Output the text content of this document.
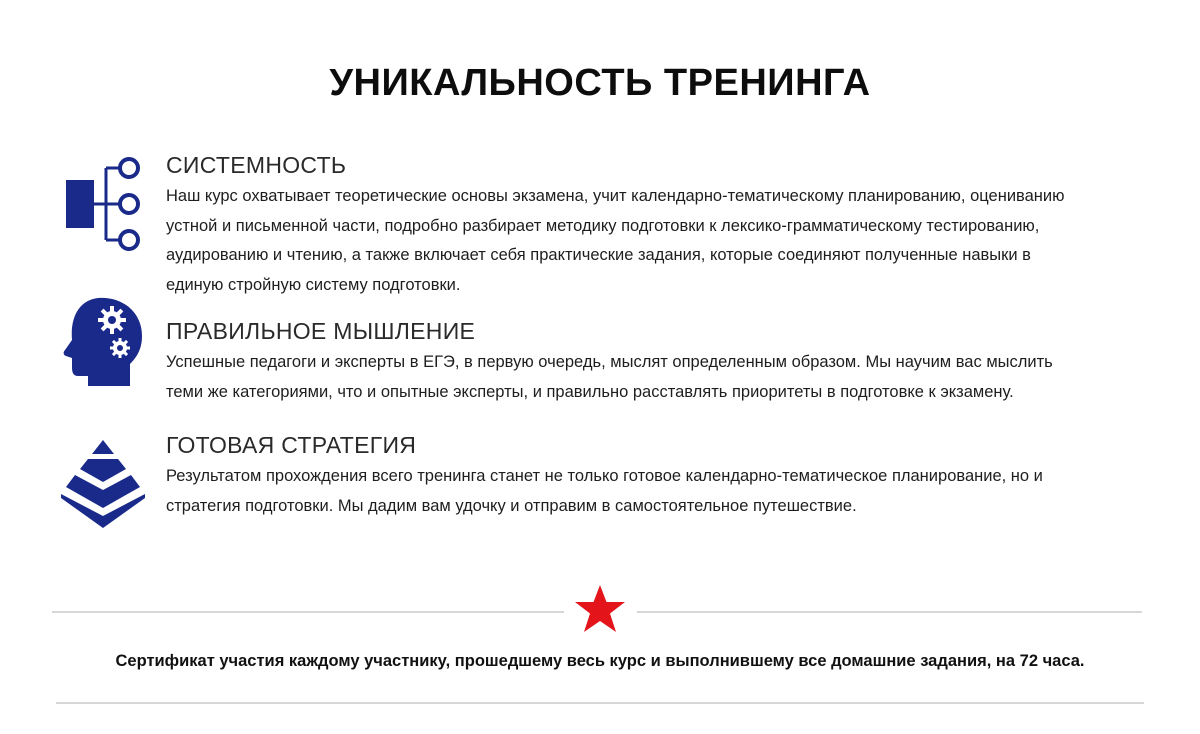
УНИКАЛЬНОСТЬ ТРЕНИНГА
СИСТЕМНОСТЬ
Наш курс охватывает теоретические основы экзамена, учит календарно-тематическому планированию, оцениванию
устной и письменной части, подробно разбирает методику подготовки к лексико-грамматическому тестированию,
аудированию и чтению, а также включает себя практические задания, которые соединяют полученные навыки в
единую стройную систему подготовки.
ПРАВИЛЬНОЕ МЫШЛЕНИЕ
Успешные педагоги и эксперты в ЕГЭ, в первую очередь, мыслят определенным образом. Мы научим вас мыслить
теми же категориями, что и опытные эксперты, и правильно расставлять приоритеты в подготовке к экзамену.
ГОТОВАЯ СТРАТЕГИЯ
Результатом прохождения всего тренинга станет не только готовое календарно-тематическое планирование, но и
стратегия подготовки. Мы дадим вам удочку и отправим в самостоятельное путешествие.
Сертификат участия каждому участнику, прошедшему весь курс и выполнившему все домашние задания, на 72 часа.
